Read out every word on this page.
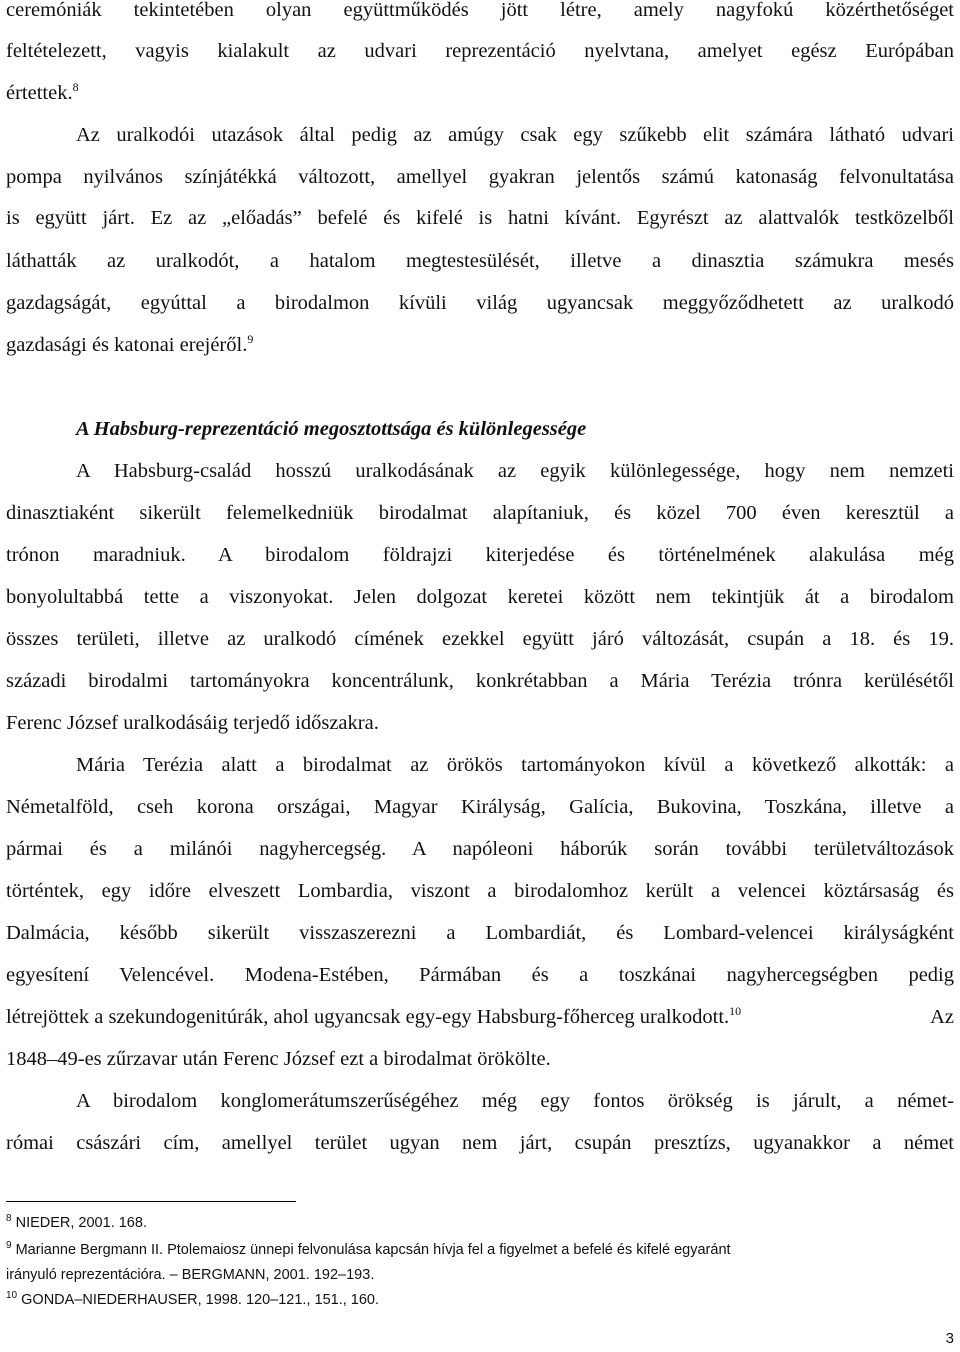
ceremóniák tekintetében olyan együttműködés jött létre, amely nagyfokú közérthetőséget
feltételezett, vagyis kialakult az udvari reprezentáció nyelvtana, amelyet egész Európában
értettek.$^8$
Az uralkodói utazások által pedig az amúgy csak egy szűkebb elit számára látható udvari
pompa nyilvános színjátékká változott, amellyel gyakran jelentős számú katonaság felvonultatása
is együtt járt. Ez az „előadás” befelé és kifelé is hatni kívánt. Egyrészt az alattvalók testközelből
láthatták az uralkodót, a hatalom megtestesülését, illetve a dinasztia számukra mesés
gazdagságát, egyúttal a birodalmon kívüli világ ugyancsak meggyőződhetett az uralkodó
gazdasági és katonai erejéről.$^9$
A Habsburg-reprezentáció megosztottsága és különlegessége
A Habsburg-család hosszú uralkodásának az egyik különlegessége, hogy nem nemzeti
dinasztiaként sikerült felemelkedniük birodalmat alapítaniuk, és közel 700 éven keresztül a
trónon maradniuk. A birodalom földrajzi kiterjedése és történelmének alakulása még
bonyolultabbá tette a viszonyokat. Jelen dolgozat keretei között nem tekintjük át a birodalom
összes területi, illetve az uralkodó címének ezekkel együtt járó változását, csupán a 18. és 19.
századi birodalmi tartományokra koncentrálunk, konkrétabban a Mária Terézia trónra kerülésétől
Ferenc József uralkodásáig terjedő időszakra.
Mária Terézia alatt a birodalmat az örökös tartományokon kívül a következő alkották: a
Németalföld, cseh korona országai, Magyar Királyság, Galícia, Bukovina, Toszkána, illetve a
pármai és a milánói nagyhercegség. A napóleoni háborúk során további területváltozások
történtek, egy időre elveszett Lombardia, viszont a birodalomhoz került a velencei köztársaság és
Dalmácia, később sikerült visszaszerezni a Lombardiát, és Lombard-velencei királyságként
egyesítení Velencével. Modena-Estében, Pármában és a toszkánai nagyhercegségben pedig
létrejöttek a szekundogenitúrák, ahol ugyancsak egy-egy Habsburg-főherceg uralkodott.$^{10}$	Az
1848–49-es zűrzavar után Ferenc József ezt a birodalmat örökölte.
A birodalom konglomerátumszerűségéhez még egy fontos örökség is járult, a német-
római császári cím, amellyel terület ugyan nem járt, csupán presztízs, ugyanakkor a német
$^8$ NIEDER, 2001. 168.
$^9$ Marianne Bergmann II. Ptolemaiosz ünnepi felvonulása kapcsán hívja fel a figyelmet a befelé és kifelé egyaránt
irányuló reprezentációra. – BERGMANN, 2001. 192–193.
$^{10}$ GONDA–NIEDERHAUSER, 1998. 120–121., 151., 160.
3
